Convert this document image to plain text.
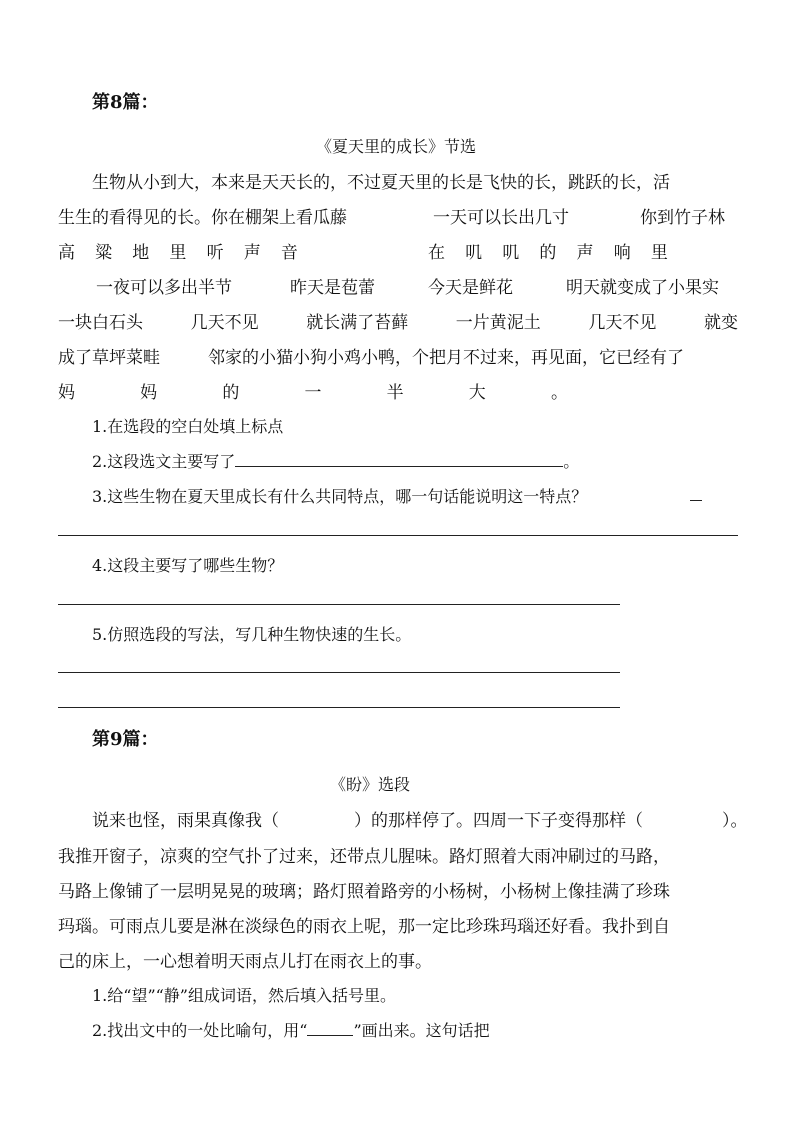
第8篇：
《夏天里的成长》节选
生物从小到大，本来是天天长的，不过夏天里的长是飞快的长，跳跃的长，活
生生的看得见的长。你在棚架上看瓜藤	一天可以长出几寸	你到竹子林
高 粱 地 里 听 声 音	在 叽 叽 的 声 响 里
一夜可以多出半节	昨天是苞蕾	今天是鲜花	明天就变成了小果实
一块白石头	几天不见	就长满了苔藓	一片黄泥土	几天不见	就变
成了草坪菜畦	邻家的小猫小狗小鸡小鸭，个把月不过来，再见面，它已经有了
妈	妈	的	一	半	大	。
1.在选段的空白处填上标点
2.这段选文主要写了	。
3.这些生物在夏天里成长有什么共同特点，哪一句话能说明这一特点？
4.这段主要写了哪些生物？
5.仿照选段的写法，写几种生物快速的生长。
第9篇：
《盼》选段
说来也怪，雨果真像我（	）的那样停了。四周一下子变得那样（	）。
我推开窗子，凉爽的空气扑了过来，还带点儿腥味。路灯照着大雨冲刷过的马路，
马路上像铺了一层明晃晃的玻璃；路灯照着路旁的小杨树，小杨树上像挂满了珍珠
玛瑙。可雨点儿要是淋在淡绿色的雨衣上呢，那一定比珍珠玛瑙还好看。我扑到自
己的床上，一心想着明天雨点儿打在雨衣上的事。
1.给“望”“静”组成词语，然后填入括号里。
2.找出文中的一处比喻句，用“	”画出来。这句话把
